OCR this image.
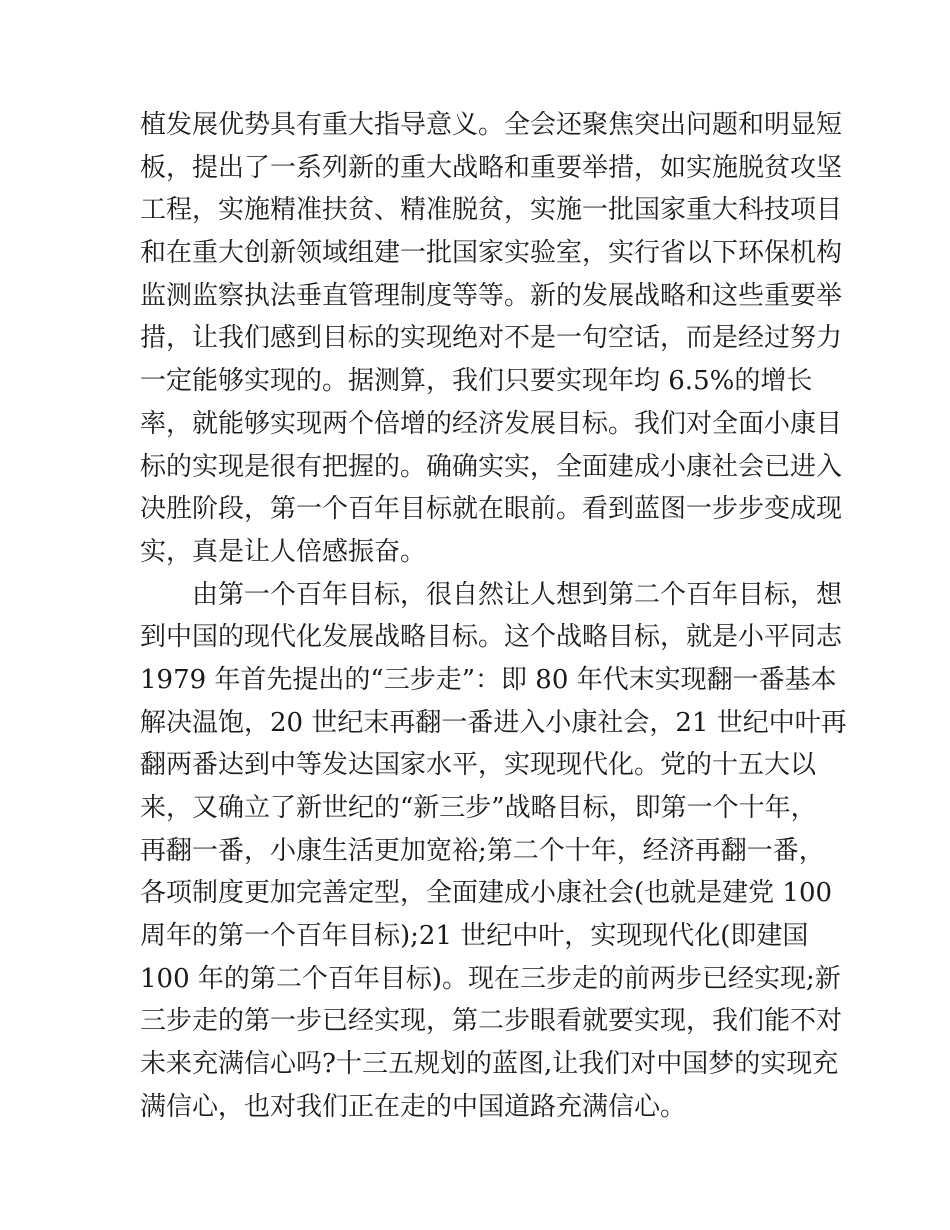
植发展优势具有重大指导意义。全会还聚焦突出问题和明显短
板，提出了一系列新的重大战略和重要举措，如实施脱贫攻坚
工程，实施精准扶贫、精准脱贫，实施一批国家重大科技项目
和在重大创新领域组建一批国家实验室，实行省以下环保机构
监测监察执法垂直管理制度等等。新的发展战略和这些重要举
措，让我们感到目标的实现绝对不是一句空话，而是经过努力
一定能够实现的。据测算，我们只要实现年均 6.5%的增长
率，就能够实现两个倍增的经济发展目标。我们对全面小康目
标的实现是很有把握的。确确实实，全面建成小康社会已进入
决胜阶段，第一个百年目标就在眼前。看到蓝图一步步变成现
实，真是让人倍感振奋。
　　由第一个百年目标，很自然让人想到第二个百年目标，想
到中国的现代化发展战略目标。这个战略目标，就是小平同志
1979 年首先提出的“三步走”：即 80 年代末实现翻一番基本
解决温饱，20 世纪末再翻一番进入小康社会，21 世纪中叶再
翻两番达到中等发达国家水平，实现现代化。党的十五大以
来，又确立了新世纪的“新三步”战略目标，即第一个十年，
再翻一番，小康生活更加宽裕;第二个十年，经济再翻一番，
各项制度更加完善定型，全面建成小康社会(也就是建党 100
周年的第一个百年目标);21 世纪中叶，实现现代化(即建国
100 年的第二个百年目标)。现在三步走的前两步已经实现;新
三步走的第一步已经实现，第二步眼看就要实现，我们能不对
未来充满信心吗?十三五规划的蓝图,让我们对中国梦的实现充
满信心，也对我们正在走的中国道路充满信心。
